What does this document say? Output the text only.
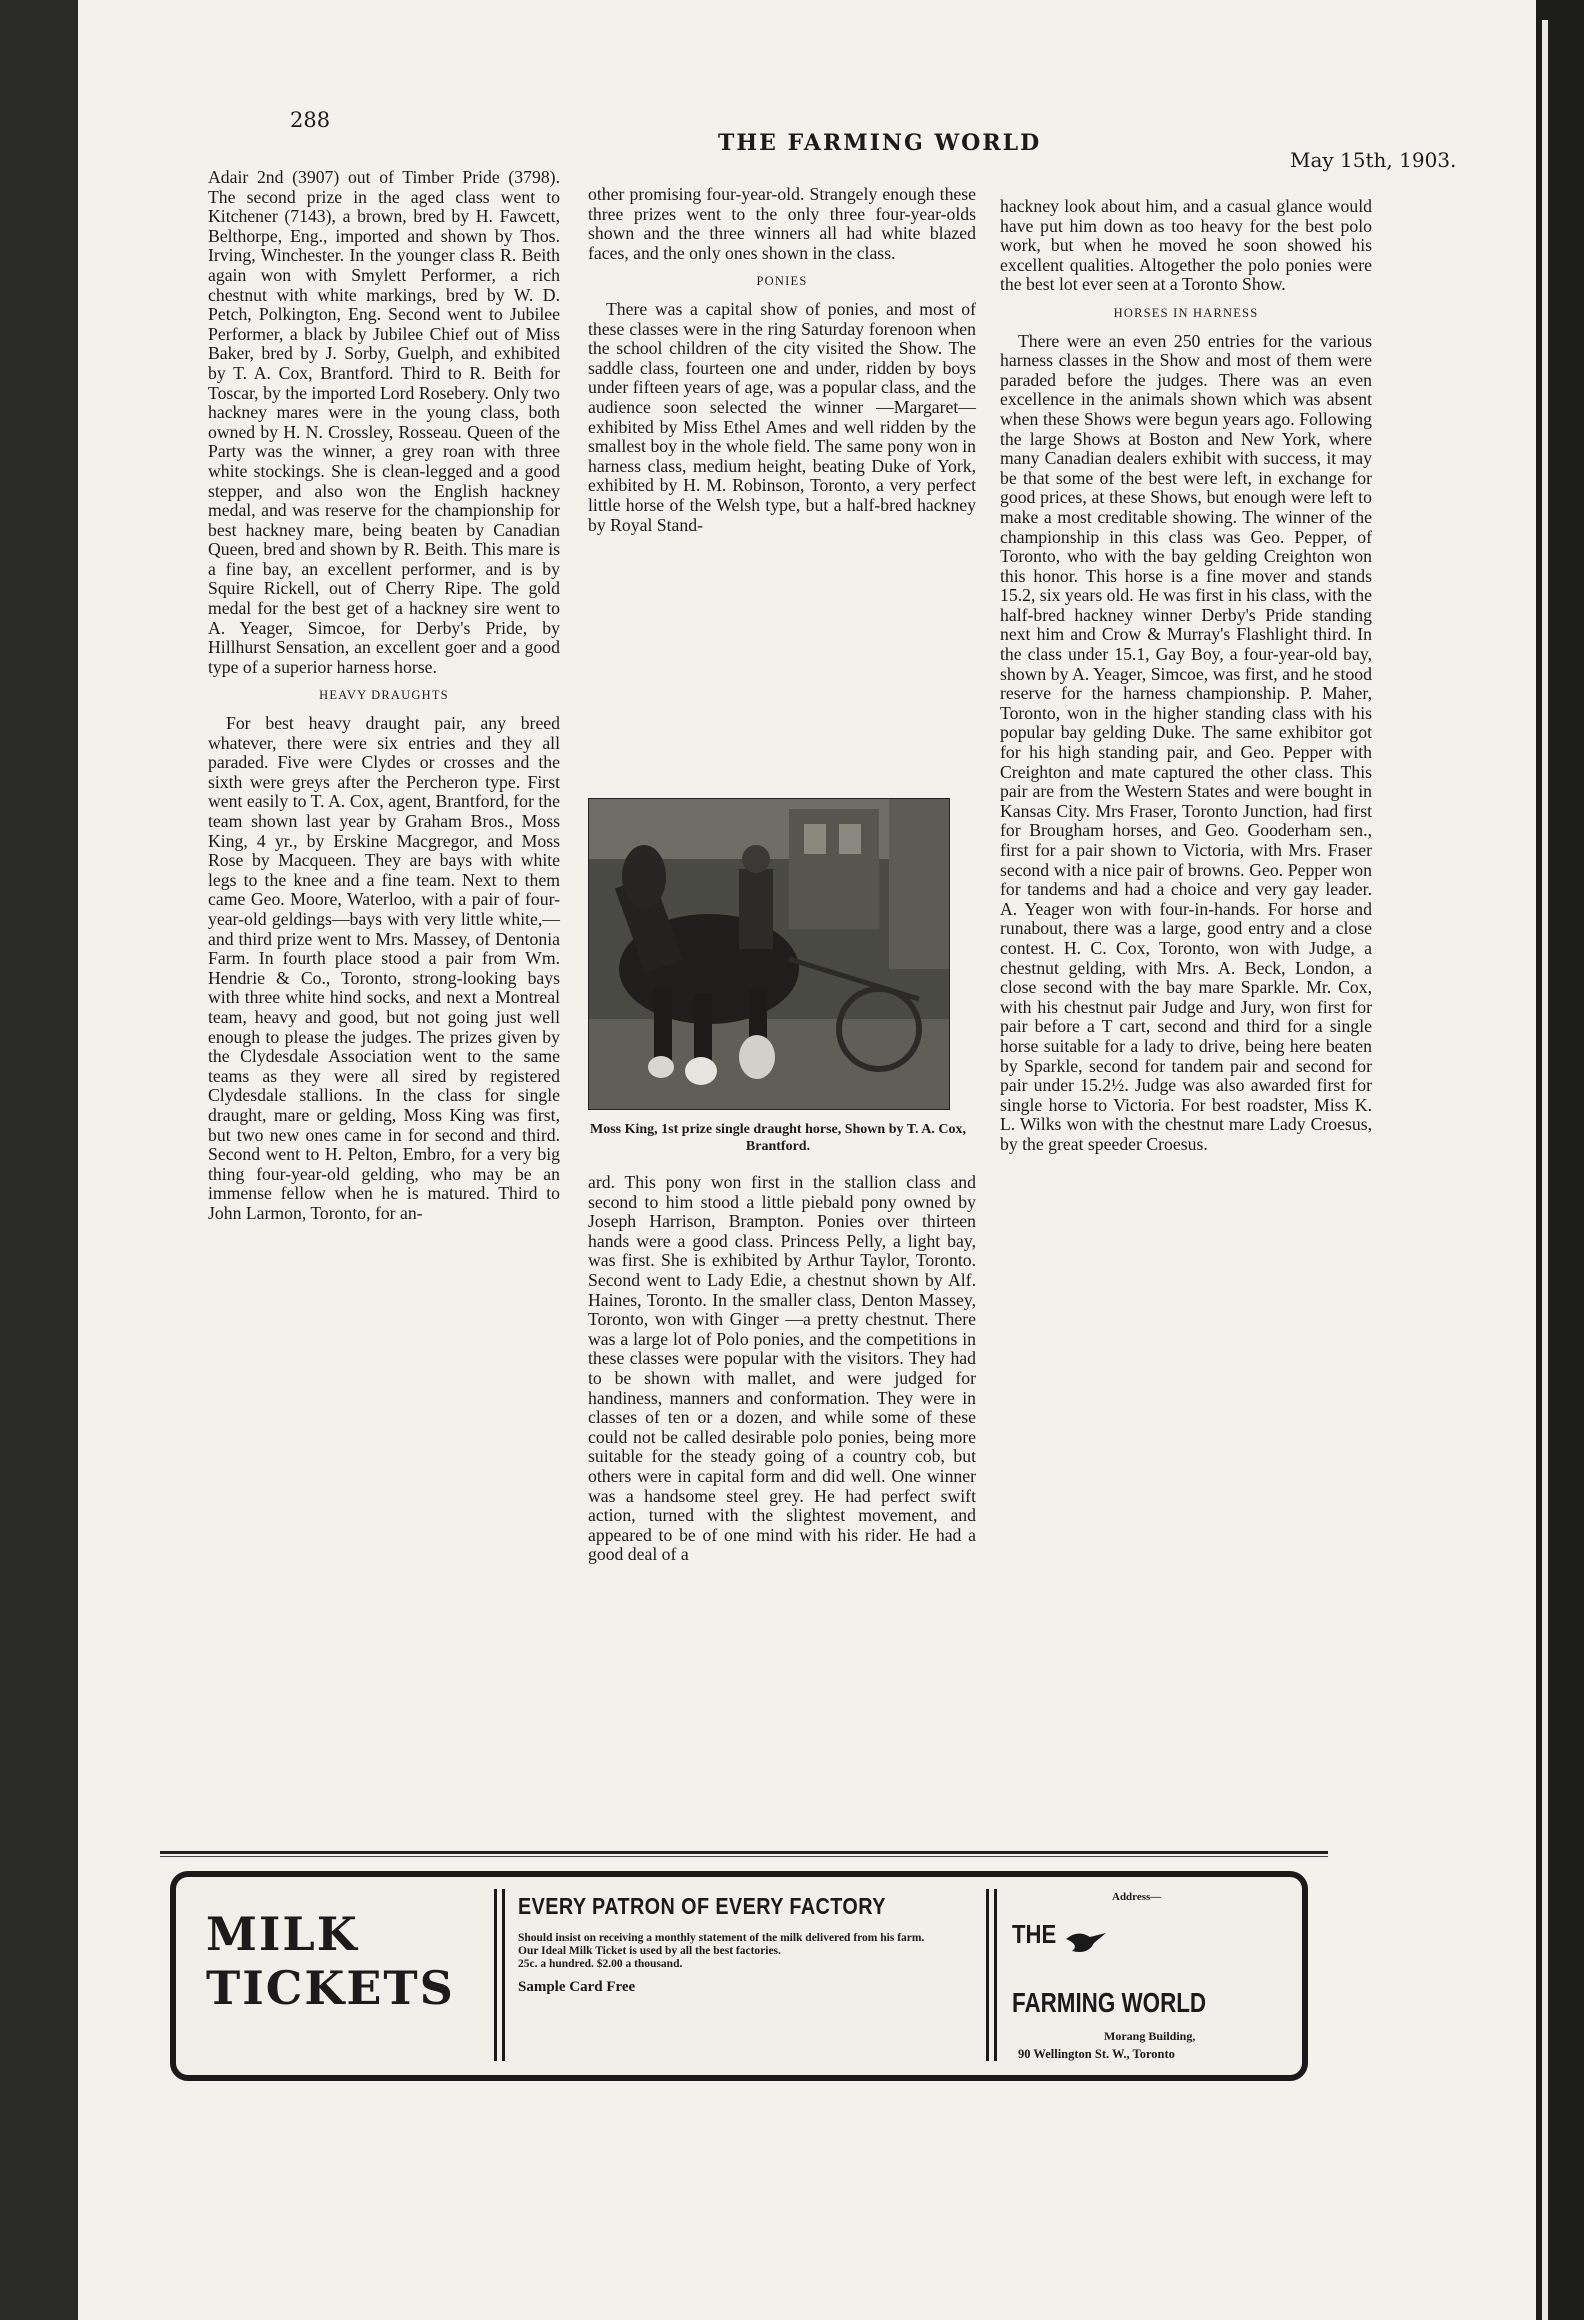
288
THE FARMING WORLD
May 15th, 1903.

Adair 2nd (3907) out of Timber Pride (3798). The second prize in the aged class went to Kitchener (7143), a brown, bred by H. Fawcett, Belthorpe, Eng., imported and shown by Thos. Irving, Winchester. In the younger class R. Beith again won with Smylett Performer, a rich chestnut with white markings, bred by W. D. Petch, Polkington, Eng. Second went to Jubilee Performer, a black by Jubilee Chief out of Miss Baker, bred by J. Sorby, Guelph, and exhibited by T. A. Cox, Brantford. Third to R. Beith for Toscar, by the imported Lord Rosebery. Only two hackney mares were in the young class, both owned by H. N. Crossley, Rosseau. Queen of the Party was the winner, a grey roan with three white stockings. She is clean-legged and a good stepper, and also won the English hackney medal, and was reserve for the championship for best hackney mare, being beaten by Canadian Queen, bred and shown by R. Beith. This mare is a fine bay, an excellent performer, and is by Squire Rickell, out of Cherry Ripe. The gold medal for the best get of a hackney sire went to A. Yeager, Simcoe, for Derby's Pride, by Hillhurst Sensation, an excellent goer and a good type of a superior harness horse.

HEAVY DRAUGHTS

For best heavy draught pair, any breed whatever, there were six entries and they all paraded. Five were Clydes or crosses and the sixth were greys after the Percheron type. First went easily to T. A. Cox, agent, Brantford, for the team shown last year by Graham Bros., Moss King, 4 yr., by Erskine Macgregor, and Moss Rose by Macqueen. They are bays with white legs to the knee and a fine team. Next to them came Geo. Moore, Waterloo, with a pair of four-year-old geldings—bays with very little white,—and third prize went to Mrs. Massey, of Dentonia Farm. In fourth place stood a pair from Wm. Hendrie & Co., Toronto, strong-looking bays with three white hind socks, and next a Montreal team, heavy and good, but not going just well enough to please the judges. The prizes given by the Clydesdale Association went to the same teams as they were all sired by registered Clydesdale stallions. In the class for single draught, mare or gelding, Moss King was first, but two new ones came in for second and third. Second went to H. Pelton, Embro, for a very big thing four-year-old gelding, who may be an immense fellow when he is matured. Third to John Larmon, Toronto, for an-

other promising four-year-old. Strangely enough these three prizes went to the only three four-year-olds shown and the three winners all had white blazed faces, and the only ones shown in the class.

PONIES

There was a capital show of ponies, and most of these classes were in the ring Saturday forenoon when the school children of the city visited the Show. The saddle class, fourteen one and under, ridden by boys under fifteen years of age, was a popular class, and the audience soon selected the winner —Margaret—exhibited by Miss Ethel Ames and well ridden by the smallest boy in the whole field. The same pony won in harness class, medium height, beating Duke of York, exhibited by H. M. Robinson, Toronto, a very perfect little horse of the Welsh type, but a half-bred hackney by Royal Stand-

Moss King, 1st prize single draught horse, Shown by T. A. Cox, Brantford.

ard. This pony won first in the stallion class and second to him stood a little piebald pony owned by Joseph Harrison, Brampton. Ponies over thirteen hands were a good class. Princess Pelly, a light bay, was first. She is exhibited by Arthur Taylor, Toronto. Second went to Lady Edie, a chestnut shown by Alf. Haines, Toronto. In the smaller class, Denton Massey, Toronto, won with Ginger —a pretty chestnut. There was a large lot of Polo ponies, and the competitions in these classes were popular with the visitors. They had to be shown with mallet, and were judged for handiness, manners and conformation. They were in classes of ten or a dozen, and while some of these could not be called desirable polo ponies, being more suitable for the steady going of a country cob, but others were in capital form and did well. One winner was a handsome steel grey. He had perfect swift action, turned with the slightest movement, and appeared to be of one mind with his rider. He had a good deal of a

hackney look about him, and a casual glance would have put him down as too heavy for the best polo work, but when he moved he soon showed his excellent qualities. Altogether the polo ponies were the best lot ever seen at a Toronto Show.

HORSES IN HARNESS

There were an even 250 entries for the various harness classes in the Show and most of them were paraded before the judges. There was an even excellence in the animals shown which was absent when these Shows were begun years ago. Following the large Shows at Boston and New York, where many Canadian dealers exhibit with success, it may be that some of the best were left, in exchange for good prices, at these Shows, but enough were left to make a most creditable showing. The winner of the championship in this class was Geo. Pepper, of Toronto, who with the bay gelding Creighton won this honor. This horse is a fine mover and stands 15.2, six years old. He was first in his class, with the half-bred hackney winner Derby's Pride standing next him and Crow & Murray's Flashlight third. In the class under 15.1, Gay Boy, a four-year-old bay, shown by A. Yeager, Simcoe, was first, and he stood reserve for the harness championship. P. Maher, Toronto, won in the higher standing class with his popular bay gelding Duke. The same exhibitor got for his high standing pair, and Geo. Pepper with Creighton and mate captured the other class. This pair are from the Western States and were bought in Kansas City. Mrs Fraser, Toronto Junction, had first for Brougham horses, and Geo. Gooderham sen., first for a pair shown to Victoria, with Mrs. Fraser second with a nice pair of browns. Geo. Pepper won for tandems and had a choice and very gay leader. A. Yeager won with four-in-hands. For horse and runabout, there was a large, good entry and a close contest. H. C. Cox, Toronto, won with Judge, a chestnut gelding, with Mrs. A. Beck, London, a close second with the bay mare Sparkle. Mr. Cox, with his chestnut pair Judge and Jury, won first for pair before a T cart, second and third for a single horse suitable for a lady to drive, being here beaten by Sparkle, second for tandem pair and second for pair under 15.2½. Judge was also awarded first for single horse to Victoria. For best roadster, Miss K. L. Wilks won with the chestnut mare Lady Croesus, by the great speeder Croesus.

MILK
TICKETS
EVERY PATRON OF EVERY FACTORY
Should insist on receiving a monthly statement of the milk delivered from his farm.
Our Ideal Milk Ticket is used by all the best factories.
25c. a hundred. $2.00 a thousand.
Sample Card Free
Address—
THE
FARMING WORLD
Morang Building,
90 Wellington St. W., Toronto
